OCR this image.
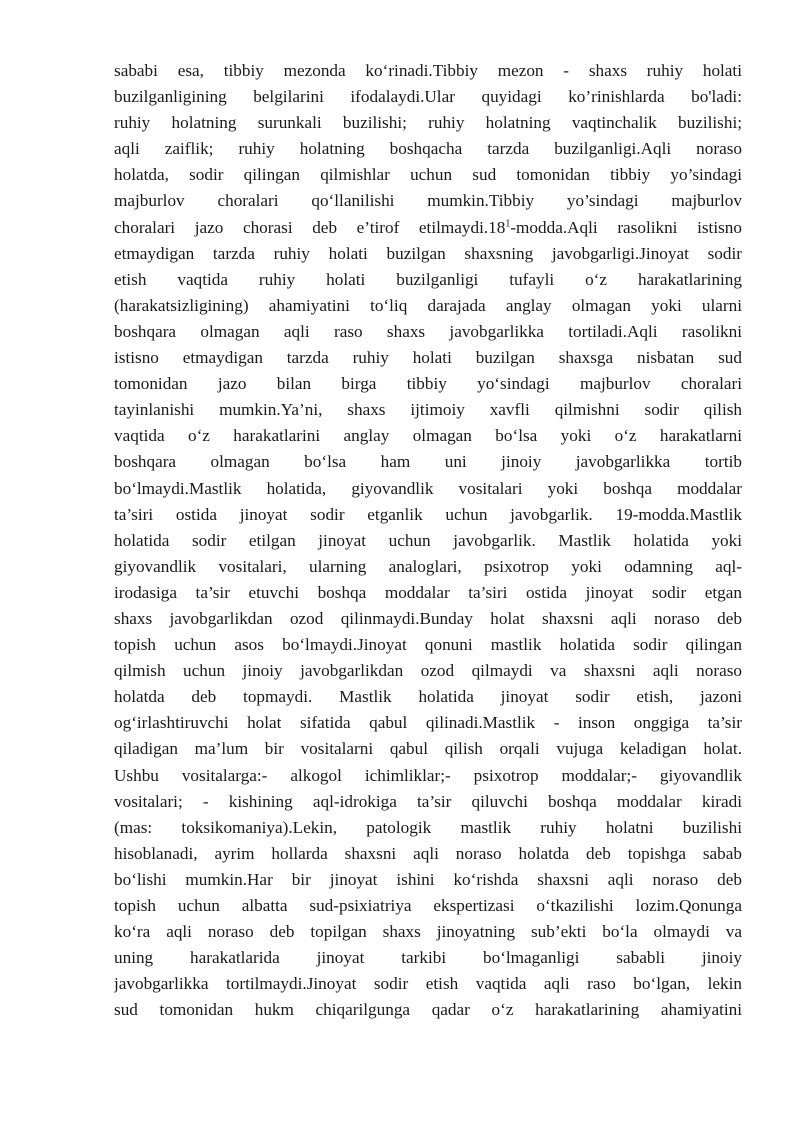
sababi esa, tibbiy mezonda ko‘rinadi.Tibbiy mezon - shaxs ruhiy holati
buzilganligining belgilarini ifodalaydi.Ular quyidagi ko’rinishlarda bo'ladi:
ruhiy holatning surunkali buzilishi; ruhiy holatning vaqtinchalik buzilishi;
aqli zaiflik; ruhiy holatning boshqacha tarzda buzilganligi.Aqli noraso
holatda, sodir qilingan qilmishlar uchun sud tomonidan tibbiy yo’sindagi
majburlov choralari qo‘llanilishi mumkin.Tibbiy yo’sindagi majburlov
choralari jazo chorasi deb e’tirof $etilmaydi.18^1-modda.Aqli$ rasolikni istisno
etmaydigan tarzda ruhiy holati buzilgan shaxsning javobgarligi.Jinoyat sodir
etish vaqtida ruhiy holati buzilganligi tufayli o‘z harakatlarining
(harakatsizligining) ahamiyatini to‘liq darajada anglay olmagan yoki ularni
boshqara olmagan aqli raso shaxs javobgarlikka tortiladi.Aqli rasolikni
istisno etmaydigan tarzda ruhiy holati buzilgan shaxsga nisbatan sud
tomonidan jazo bilan birga tibbiy yo‘sindagi majburlov choralari
tayinlanishi mumkin.Ya’ni, shaxs ijtimoiy xavfli qilmishni sodir qilish
vaqtida o‘z harakatlarini anglay olmagan bo‘lsa yoki o‘z harakatlarni
boshqara olmagan bo‘lsa ham uni jinoiy javobgarlikka tortib
bo‘lmaydi.Mastlik holatida, giyovandlik vositalari yoki boshqa moddalar
ta’siri ostida jinoyat sodir etganlik uchun javobgarlik. 19-modda.Mastlik
holatida sodir etilgan jinoyat uchun javobgarlik. Mastlik holatida yoki
giyovandlik vositalari, ularning analoglari, psixotrop yoki odamning aql-
irodasiga ta’sir etuvchi boshqa moddalar ta’siri ostida jinoyat sodir etgan
shaxs javobgarlikdan ozod qilinmaydi.Bunday holat shaxsni aqli noraso deb
topish uchun asos bo‘lmaydi.Jinoyat qonuni mastlik holatida sodir qilingan
qilmish uchun jinoiy javobgarlikdan ozod qilmaydi va shaxsni aqli noraso
holatda deb topmaydi. Mastlik holatida jinoyat sodir etish, jazoni
og‘irlashtiruvchi holat sifatida qabul qilinadi.Mastlik - inson onggiga ta’sir
qiladigan ma’lum bir vositalarni qabul qilish orqali vujuga keladigan holat.
Ushbu vositalarga:- alkogol ichimliklar;- psixotrop moddalar;- giyovandlik
vositalari; - kishining aql-idrokiga ta’sir qiluvchi boshqa moddalar kiradi
(mas: toksikomaniya).Lekin, patologik mastlik ruhiy holatni buzilishi
hisoblanadi, ayrim hollarda shaxsni aqli noraso holatda deb topishga sabab
bo‘lishi mumkin.Har bir jinoyat ishini ko‘rishda shaxsni aqli noraso deb
topish uchun albatta sud-psixiatriya ekspertizasi o‘tkazilishi lozim.Qonunga
ko‘ra aqli noraso deb topilgan shaxs jinoyatning sub’ekti bo‘la olmaydi va
uning harakatlarida jinoyat tarkibi bo‘lmaganligi sababli jinoiy
javobgarlikka tortilmaydi.Jinoyat sodir etish vaqtida aqli raso bo‘lgan, lekin
sud tomonidan hukm chiqarilgunga qadar o‘z harakatlarining ahamiyatini
